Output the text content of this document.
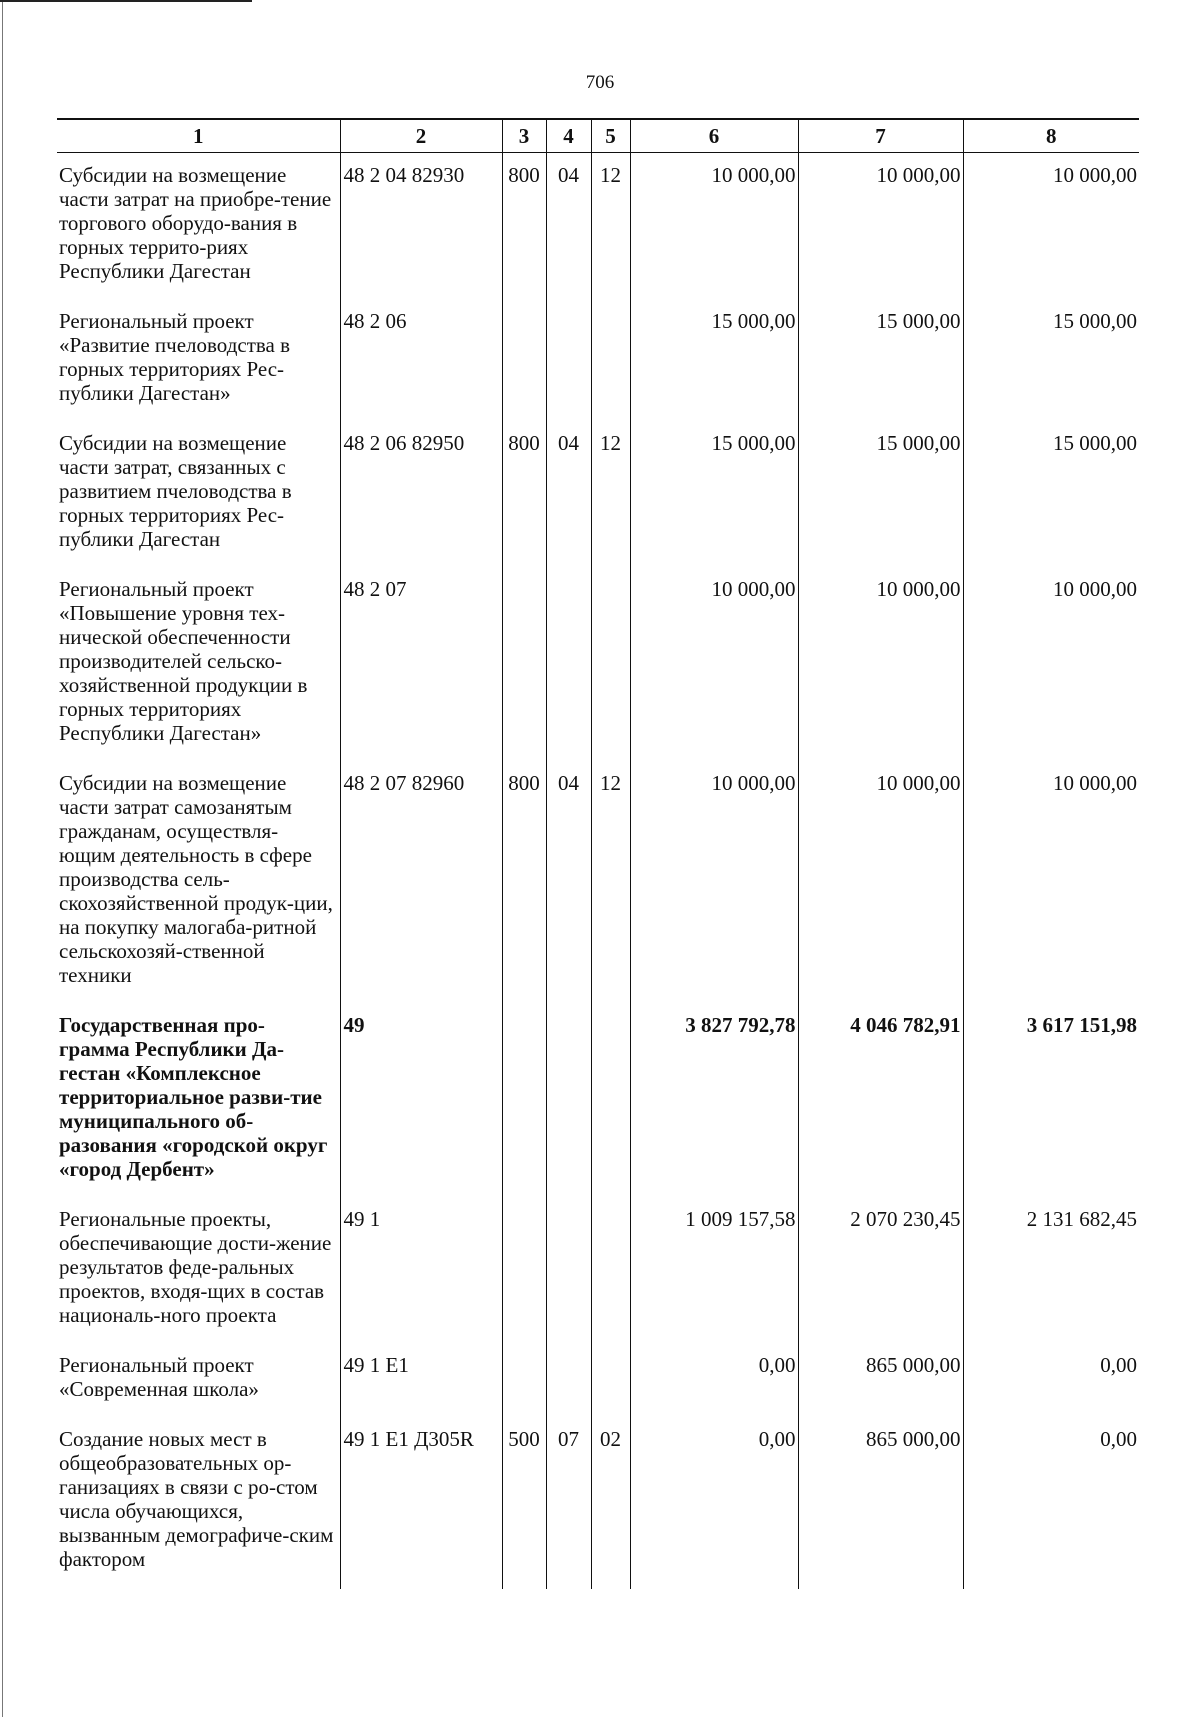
706
1	2	3	4	5	6	7	8
Субсидии на возмещение части затрат на приобре-тение торгового оборудо-вания в горных террито-риях Республики Дагестан	48 2 04 82930	800	04	12	10 000,00	10 000,00	10 000,00
Региональный проект «Развитие пчеловодства в горных территориях Рес-публики Дагестан»	48 2 06				15 000,00	15 000,00	15 000,00
Субсидии на возмещение части затрат, связанных с развитием пчеловодства в горных территориях Рес-публики Дагестан	48 2 06 82950	800	04	12	15 000,00	15 000,00	15 000,00
Региональный проект «Повышение уровня тех-нической обеспеченности производителей сельско-хозяйственной продукции в горных территориях Республики Дагестан»	48 2 07				10 000,00	10 000,00	10 000,00
Субсидии на возмещение части затрат самозанятым гражданам, осуществля-ющим деятельность в сфере производства сель-скохозяйственной продук-ции, на покупку малогаба-ритной сельскохозяй-ственной техники	48 2 07 82960	800	04	12	10 000,00	10 000,00	10 000,00
Государственная про-грамма Республики Да-гестан «Комплексное территориальное разви-тие муниципального об-разования «городской округ «город Дербент»	49				3 827 792,78	4 046 782,91	3 617 151,98
Региональные проекты, обеспечивающие дости-жение результатов феде-ральных проектов, входя-щих в состав националь-ного проекта	49 1				1 009 157,58	2 070 230,45	2 131 682,45
Региональный проект «Современная школа»	49 1 E1				0,00	865 000,00	0,00
Создание новых мест в общеобразовательных ор-ганизациях в связи с ро-стом числа обучающихся, вызванным демографиче-ским фактором	49 1 E1 Д305R	500	07	02	0,00	865 000,00	0,00
